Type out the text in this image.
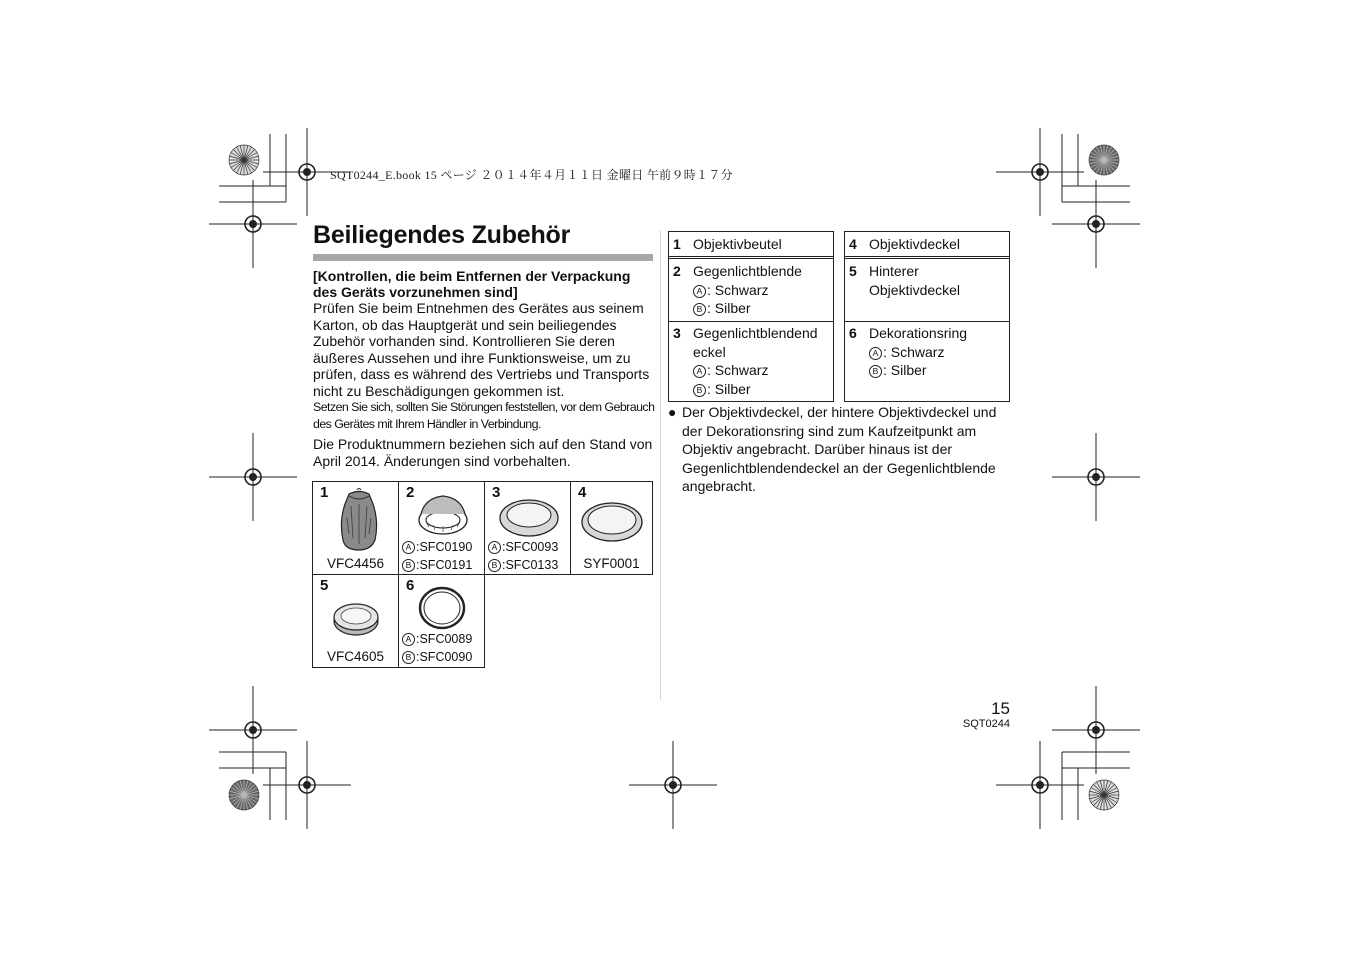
SQT0244_E.book 15 ページ ２０１４年４月１１日 金曜日 午前９時１７分
Beiliegendes Zubehör
[Kontrollen, die beim Entfernen der Verpackung des Geräts vorzunehmen sind]
Prüfen Sie beim Entnehmen des Gerätes aus seinem Karton, ob das Hauptgerät und sein beiliegendes Zubehör vorhanden sind. Kontrollieren Sie deren äußeres Aussehen und ihre Funktionsweise, um zu prüfen, dass es während des Vertriebs und Transports nicht zu Beschädigungen gekommen ist.
Setzen Sie sich, sollten Sie Störungen feststellen, vor dem Gebrauch des Gerätes mit Ihrem Händler in Verbindung.
Die Produktnummern beziehen sich auf den Stand von April 2014. Änderungen sind vorbehalten.
1
VFC4456
2
A :SFC0190
B :SFC0191
3
A :SFC0093
B :SFC0133
4
SYF0001
5
VFC4605
6
A :SFC0089
B :SFC0090
1 Objektivbeutel
2 Gegenlichtblende
A : Schwarz
B : Silber
3 Gegenlichtblendend
eckel
A : Schwarz
B : Silber
4 Objektivdeckel
5 Hinterer
Objektivdeckel
6 Dekorationsring
A : Schwarz
B : Silber
● Der Objektivdeckel, der hintere Objektivdeckel und der Dekorationsring sind zum Kaufzeitpunkt am Objektiv angebracht. Darüber hinaus ist der Gegenlichtblendendeckel an der Gegenlichtblende angebracht.
15
SQT0244
